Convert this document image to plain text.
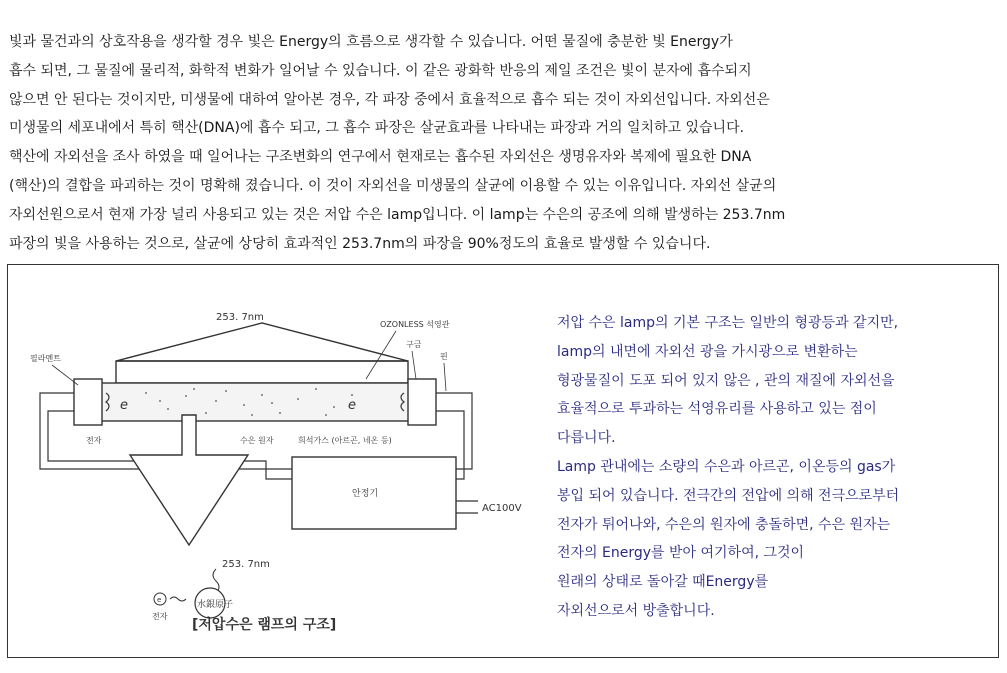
빛과 물건과의 상호작용을 생각할 경우 빛은 Energy의 흐름으로 생각할 수 있습니다. 어떤 물질에 충분한 빛 Energy가
흡수 되면, 그 물질에 물리적, 화학적 변화가 일어날 수 있습니다. 이 같은 광화학 반응의 제일 조건은 빛이 분자에 흡수되지
않으면 안 된다는 것이지만, 미생물에 대하여 알아본 경우, 각 파장 중에서 효율적으로 흡수 되는 것이 자외선입니다. 자외선은
미생물의 세포내에서 특히 핵산(DNA)에 흡수 되고, 그 흡수 파장은 살균효과를 나타내는 파장과 거의 일치하고 있습니다.
핵산에 자외선을 조사 하였을 때 일어나는 구조변화의 연구에서 현재로는 흡수된 자외선은 생명유자와 복제에 필요한 DNA
(핵산)의 결합을 파괴하는 것이 명확해 졌습니다. 이 것이 자외선을 미생물의 살균에 이용할 수 있는 이유입니다. 자외선 살균의
자외선원으로서 현재 가장 널리 사용되고 있는 것은 저압 수은 lamp입니다. 이 lamp는 수은의 공조에 의해 발생하는 253.7nm
파장의 빛을 사용하는 것으로, 살균에 상당히 효과적인 253.7nm의 파장을 90%정도의 효율로 발생할 수 있습니다.
253. 7nm
OZONLESS 석영관
e	e
필라멘트
구금
핀
전자	수은 원자	희석가스 (아르곤, 네온 등)
안정기
AC100V
253. 7nm
e
전자
水銀原子
[저압수은 램프의 구조]
저압 수은 lamp의 기본 구조는 일반의 형광등과 같지만,
lamp의 내면에 자외선 광을 가시광으로 변환하는
형광물질이 도포 되어 있지 않은 , 관의 재질에 자외선을
효율적으로 투과하는 석영유리를 사용하고 있는 점이
다릅니다.
Lamp 관내에는 소량의 수은과 아르곤, 이온등의 gas가
봉입 되어 있습니다. 전극간의 전압에 의해 전극으로부터
전자가 튀어나와, 수은의 원자에 충돌하면, 수은 원자는
전자의 Energy를 받아 여기하여, 그것이
원래의 상태로 돌아갈 때Energy를
자외선으로서 방출합니다.
